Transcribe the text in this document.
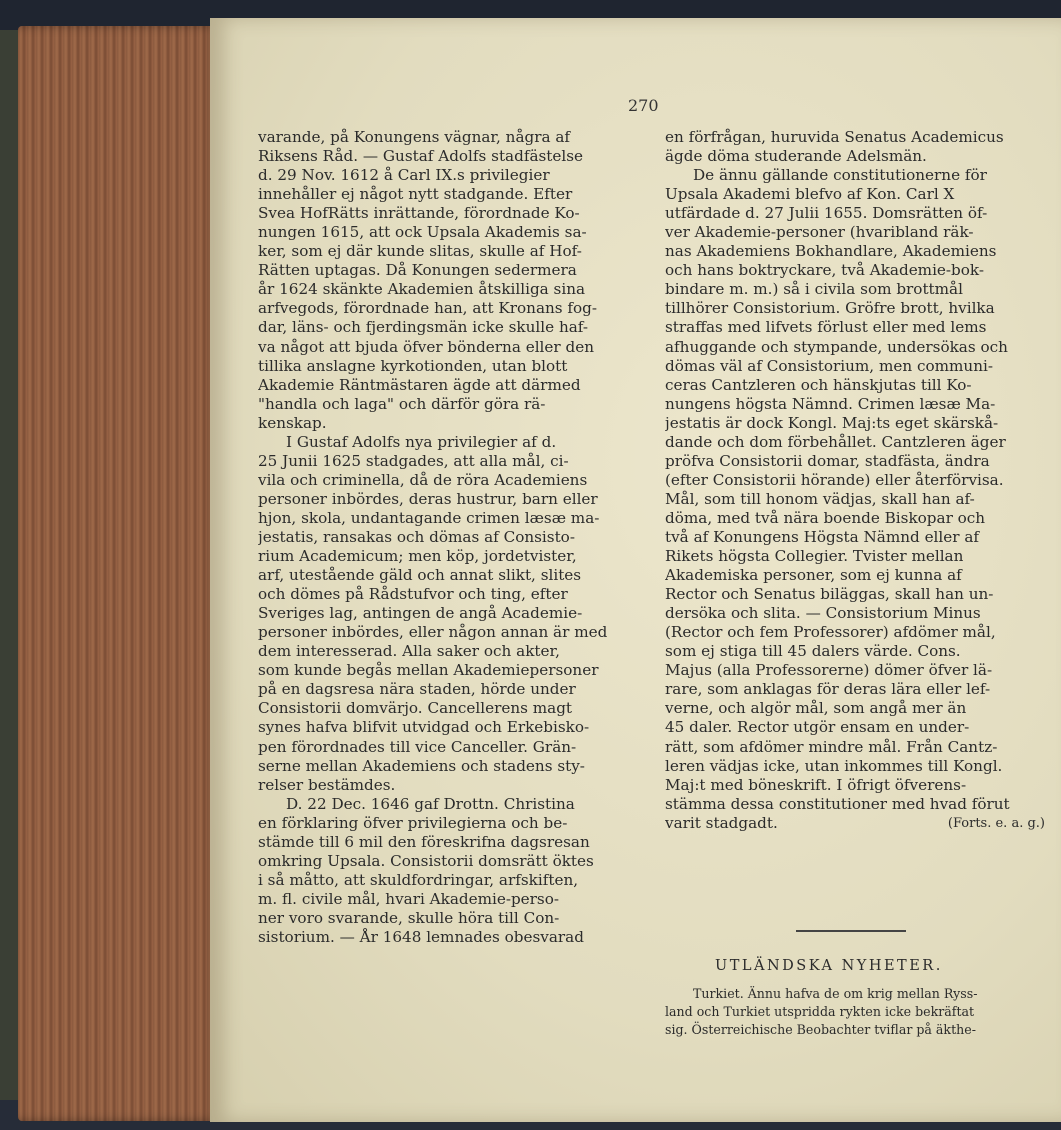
270
varande, på Konungens vägnar, några af
Riksens Råd. — Gustaf Adolfs stadfästelse
d. 29 Nov. 1612 å Carl IX.s privilegier
innehåller ej något nytt stadgande. Efter
Svea HofRätts inrättande, förordnade Ko-
nungen 1615, att ock Upsala Akademis sa-
ker, som ej där kunde slitas, skulle af Hof-
Rätten uptagas. Då Konungen sedermera
år 1624 skänkte Akademien åtskilliga sina
arfvegods, förordnade han, att Kronans fog-
dar, läns- och fjerdingsmän icke skulle haf-
va något att bjuda öfver bönderna eller den
tillika anslagne kyrkotionden, utan blott
Akademie Räntmästaren ägde att därmed
"handla och laga" och därför göra rä-
kenskap.
I Gustaf Adolfs nya privilegier af d.
25 Junii 1625 stadgades, att alla mål, ci-
vila och criminella, då de röra Academiens
personer inbördes, deras hustrur, barn eller
hjon, skola, undantagande crimen læsæ ma-
jestatis, ransakas och dömas af Consisto-
rium Academicum; men köp, jordetvister,
arf, utestående gäld och annat slikt, slites
och dömes på Rådstufvor och ting, efter
Sveriges lag, antingen de angå Academie-
personer inbördes, eller någon annan är med
dem interesserad. Alla saker och akter,
som kunde begås mellan Akademiepersoner
på en dagsresa nära staden, hörde under
Consistorii domvärjo. Cancellerens magt
synes hafva blifvit utvidgad och Erkebisko-
pen förordnades till vice Canceller. Grän-
serne mellan Akademiens och stadens sty-
relser bestämdes.
D. 22 Dec. 1646 gaf Drottn. Christina
en förklaring öfver privilegierna och be-
stämde till 6 mil den föreskrifna dagsresan
omkring Upsala. Consistorii domsrätt öktes
i så måtto, att skuldfordringar, arfskiften,
m. fl. civile mål, hvari Akademie-perso-
ner voro svarande, skulle höra till Con-
sistorium. — År 1648 lemnades obesvarad
en förfrågan, huruvida Senatus Academicus
ägde döma studerande Adelsmän.
De ännu gällande constitutionerne för
Upsala Akademi blefvo af Kon. Carl X
utfärdade d. 27 Julii 1655. Domsrätten öf-
ver Akademie-personer (hvaribland räk-
nas Akademiens Bokhandlare, Akademiens
och hans boktryckare, två Akademie-bok-
bindare m. m.) så i civila som brottmål
tillhörer Consistorium. Gröfre brott, hvilka
straffas med lifvets förlust eller med lems
afhuggande och stympande, undersökas och
dömas väl af Consistorium, men communi-
ceras Cantzleren och hänskjutas till Ko-
nungens högsta Nämnd. Crimen læsæ Ma-
jestatis är dock Kongl. Maj:ts eget skärskå-
dande och dom förbehållet. Cantzleren äger
pröfva Consistorii domar, stadfästa, ändra
(efter Consistorii hörande) eller återförvisa.
Mål, som till honom vädjas, skall han af-
döma, med två nära boende Biskopar och
två af Konungens Högsta Nämnd eller af
Rikets högsta Collegier. Tvister mellan
Akademiska personer, som ej kunna af
Rector och Senatus biläggas, skall han un-
dersöka och slita. — Consistorium Minus
(Rector och fem Professorer) afdömer mål,
som ej stiga till 45 dalers värde. Cons.
Majus (alla Professorerne) dömer öfver lä-
rare, som anklagas för deras lära eller lef-
verne, och algör mål, som angå mer än
45 daler. Rector utgör ensam en under-
rätt, som afdömer mindre mål. Från Cantz-
leren vädjas icke, utan inkommes till Kongl.
Maj:t med böneskrift. I öfrigt öfverens-
stämma dessa constitutioner med hvad förut
varit stadgadt.	(Forts. e. a. g.)
UTLÄNDSKA NYHETER.
Turkiet. Ännu hafva de om krig mellan Ryss-
land och Turkiet utspridda rykten icke bekräftat
sig. Österreichische Beobachter tviflar på äkthe-
